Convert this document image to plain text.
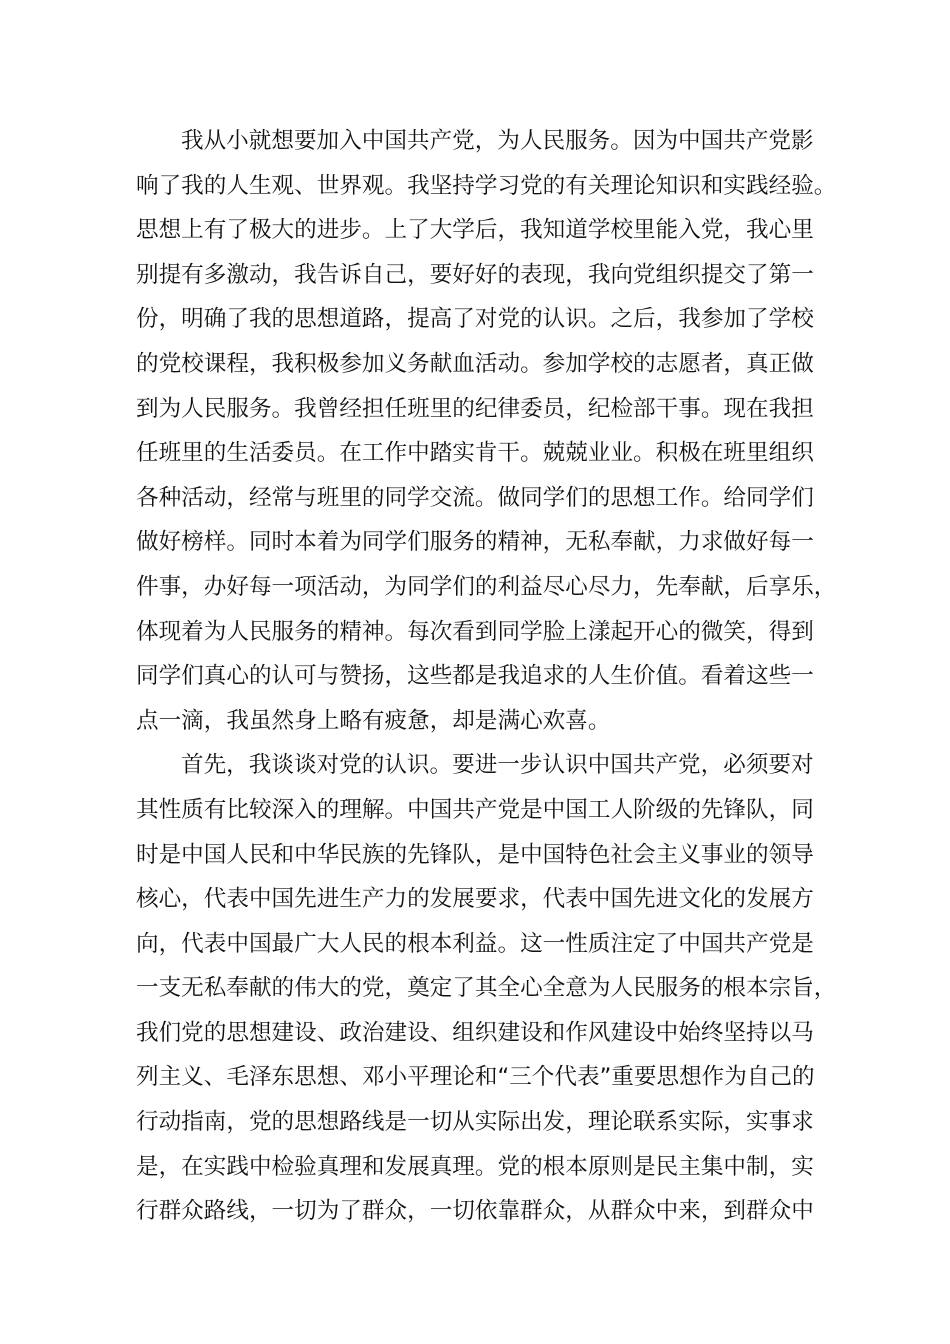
我从小就想要加入中国共产党，为人民服务。因为中国共产党影
响了我的人生观、世界观。我坚持学习党的有关理论知识和实践经验。
思想上有了极大的进步。上了大学后，我知道学校里能入党，我心里
别提有多激动，我告诉自己，要好好的表现，我向党组织提交了第一
份，明确了我的思想道路，提高了对党的认识。之后，我参加了学校
的党校课程，我积极参加义务献血活动。参加学校的志愿者，真正做
到为人民服务。我曾经担任班里的纪律委员，纪检部干事。现在我担
任班里的生活委员。在工作中踏实肯干。兢兢业业。积极在班里组织
各种活动，经常与班里的同学交流。做同学们的思想工作。给同学们
做好榜样。同时本着为同学们服务的精神，无私奉献，力求做好每一
件事，办好每一项活动，为同学们的利益尽心尽力，先奉献，后享乐，
体现着为人民服务的精神。每次看到同学脸上漾起开心的微笑，得到
同学们真心的认可与赞扬，这些都是我追求的人生价值。看着这些一
点一滴，我虽然身上略有疲惫，却是满心欢喜。
首先，我谈谈对党的认识。要进一步认识中国共产党，必须要对
其性质有比较深入的理解。中国共产党是中国工人阶级的先锋队，同
时是中国人民和中华民族的先锋队，是中国特色社会主义事业的领导
核心，代表中国先进生产力的发展要求，代表中国先进文化的发展方
向，代表中国最广大人民的根本利益。这一性质注定了中国共产党是
一支无私奉献的伟大的党，奠定了其全心全意为人民服务的根本宗旨，
我们党的思想建设、政治建设、组织建设和作风建设中始终坚持以马
列主义、毛泽东思想、邓小平理论和“三个代表”重要思想作为自己的
行动指南，党的思想路线是一切从实际出发，理论联系实际，实事求
是，在实践中检验真理和发展真理。党的根本原则是民主集中制，实
行群众路线，一切为了群众，一切依靠群众，从群众中来，到群众中
